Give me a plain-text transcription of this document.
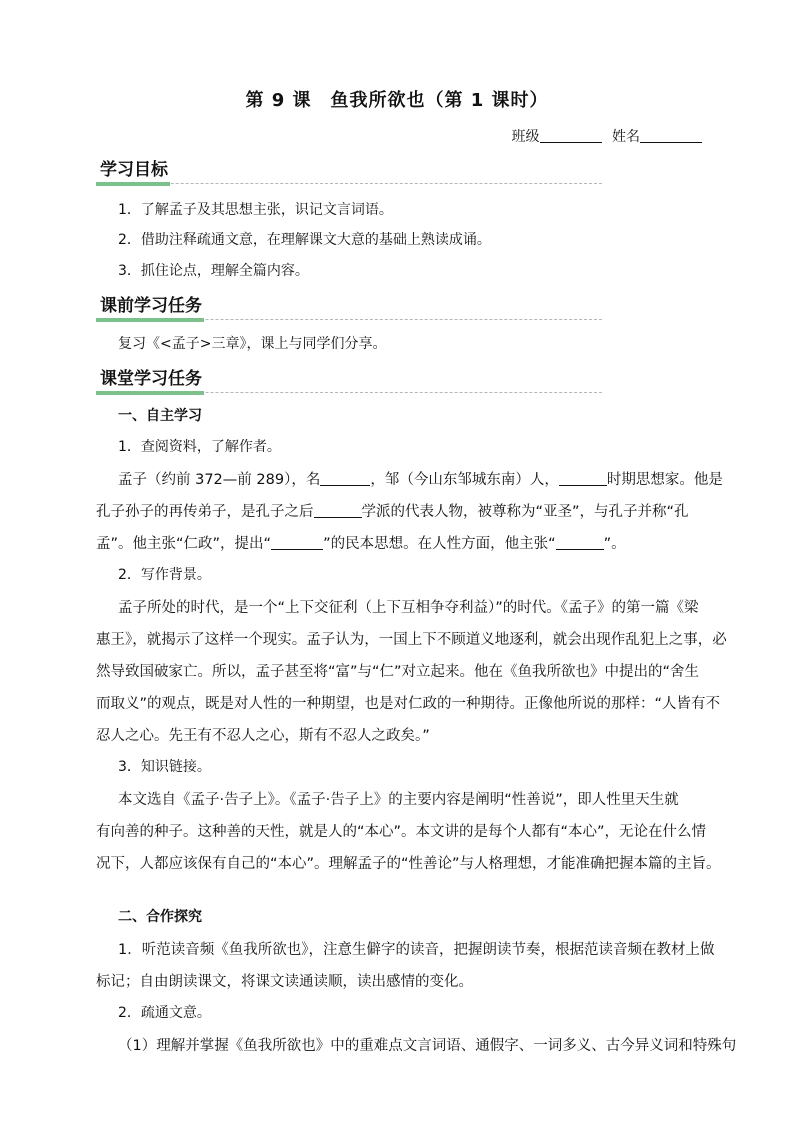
第 9 课　鱼我所欲也（第 1 课时）
班级	姓名
学习目标
1．了解孟子及其思想主张，识记文言词语。
2．借助注释疏通文意，在理解课文大意的基础上熟读成诵。
3．抓住论点，理解全篇内容。
课前学习任务
复习《<孟子>三章》，课上与同学们分享。
课堂学习任务
一、自主学习
1．查阅资料，了解作者。
孟子（约前 372—前 289），名	，邹（今山东邹城东南）人，	时期思想家。他是
孔子孙子的再传弟子，是孔子之后	学派的代表人物，被尊称为“亚圣”，与孔子并称“孔
孟”。他主张“仁政”，提出“	”的民本思想。在人性方面，他主张“	”。
2．写作背景。
孟子所处的时代，是一个“上下交征利（上下互相争夺利益）”的时代。《孟子》的第一篇《梁
惠王》，就揭示了这样一个现实。孟子认为，一国上下不顾道义地逐利，就会出现作乱犯上之事，必
然导致国破家亡。所以，孟子甚至将“富”与“仁”对立起来。他在《鱼我所欲也》中提出的“舍生
而取义”的观点，既是对人性的一种期望，也是对仁政的一种期待。正像他所说的那样：“人皆有不
忍人之心。先王有不忍人之心，斯有不忍人之政矣。”
3．知识链接。
本文选自《孟子·告子上》。《孟子·告子上》的主要内容是阐明“性善说”，即人性里天生就
有向善的种子。这种善的天性，就是人的“本心”。本文讲的是每个人都有“本心”，无论在什么情
况下，人都应该保有自己的“本心”。理解孟子的“性善论”与人格理想，才能准确把握本篇的主旨。
二、合作探究
1．听范读音频《鱼我所欲也》，注意生僻字的读音，把握朗读节奏，根据范读音频在教材上做
标记；自由朗读课文，将课文读通读顺，读出感情的变化。
2．疏通文意。
（1）理解并掌握《鱼我所欲也》中的重难点文言词语、通假字、一词多义、古今异义词和特殊句
